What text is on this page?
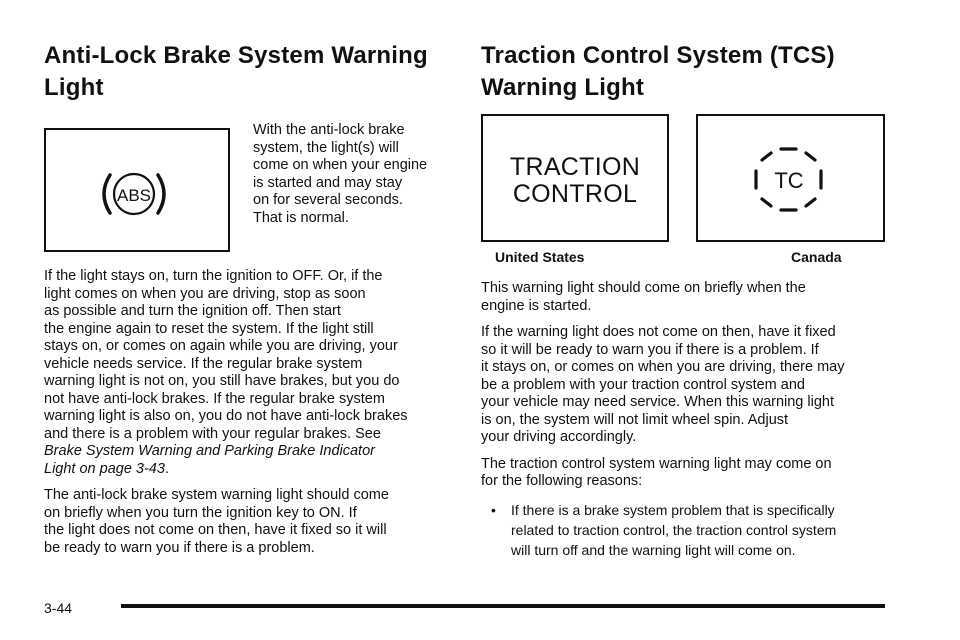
Anti-Lock Brake System Warning Light
ABS

With the anti-lock brake

system, the light(s) will

come on when your engine

is started and may stay

on for several seconds.

That is normal.

If the light stays on, turn the ignition to OFF. Or, if the
light comes on when you are driving, stop as soon
as possible and turn the ignition off. Then start
the engine again to reset the system. If the light still
stays on, or comes on again while you are driving, your
vehicle needs service. If the regular brake system
warning light is not on, you still have brakes, but you do
not have anti-lock brakes. If the regular brake system
warning light is also on, you do not have anti-lock brakes
and there is a problem with your regular brakes. See
Brake System Warning and Parking Brake Indicator
Light on page 3-43.

The anti-lock brake system warning light should come
on briefly when you turn the ignition key to ON. If
the light does not come on then, have it fixed so it will
be ready to warn you if there is a problem.

Traction Control System (TCS)
Warning Light
TRACTION
CONTROL	TC
United States	Canada

This warning light should come on briefly when the
engine is started.

If the warning light does not come on then, have it fixed
so it will be ready to warn you if there is a problem. If
it stays on, or comes on when you are driving, there may
be a problem with your traction control system and
your vehicle may need service. When this warning light
is on, the system will not limit wheel spin. Adjust
your driving accordingly.

The traction control system warning light may come on
for the following reasons:

• If there is a brake system problem that is specifically
related to traction control, the traction control system
will turn off and the warning light will come on.
3-44
